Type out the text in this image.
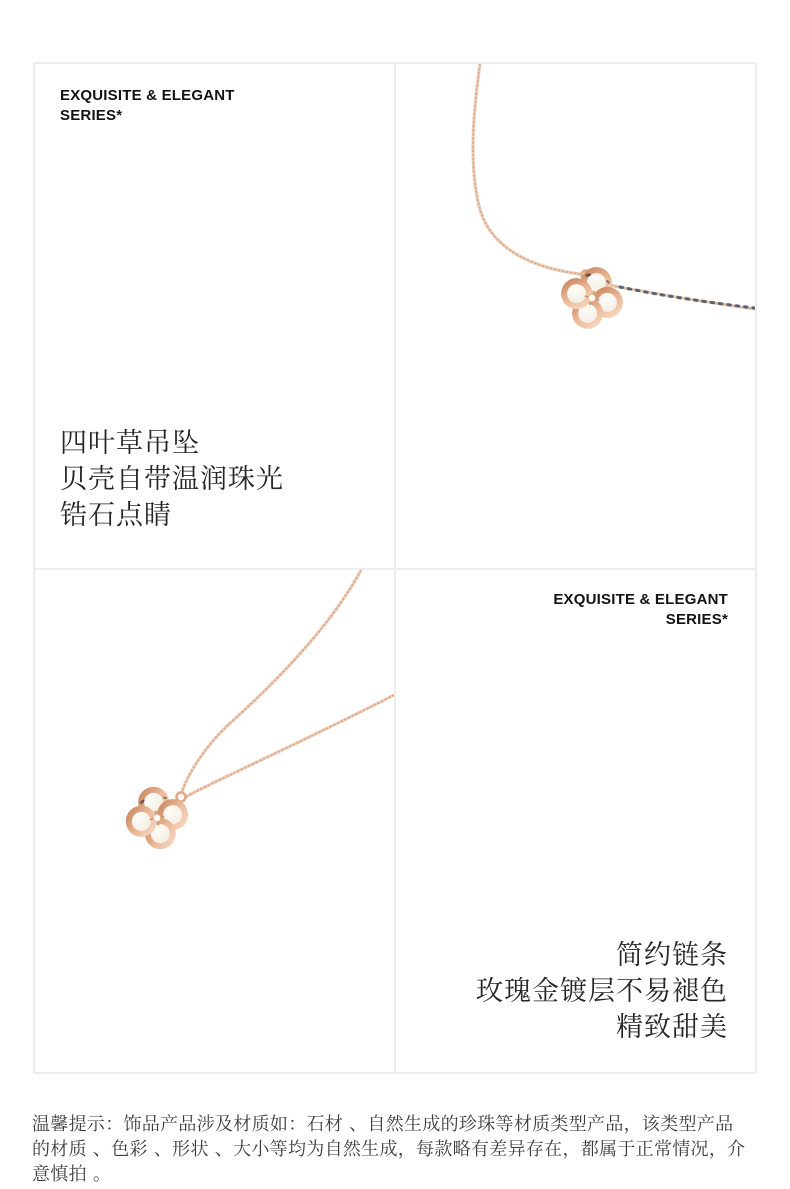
EXQUISITE & ELEGANT
SERIES*
四叶草吊坠
贝壳自带温润珠光
锆石点睛
EXQUISITE & ELEGANT
SERIES*
简约链条
玫瑰金镀层不易褪色
精致甜美
温馨提示：饰品产品涉及材质如：石材 、自然生成的珍珠等材质类型产品，该类型产品
的材质 、色彩 、形状 、大小等均为自然生成，每款略有差异存在，都属于正常情况，介
意慎拍 。
